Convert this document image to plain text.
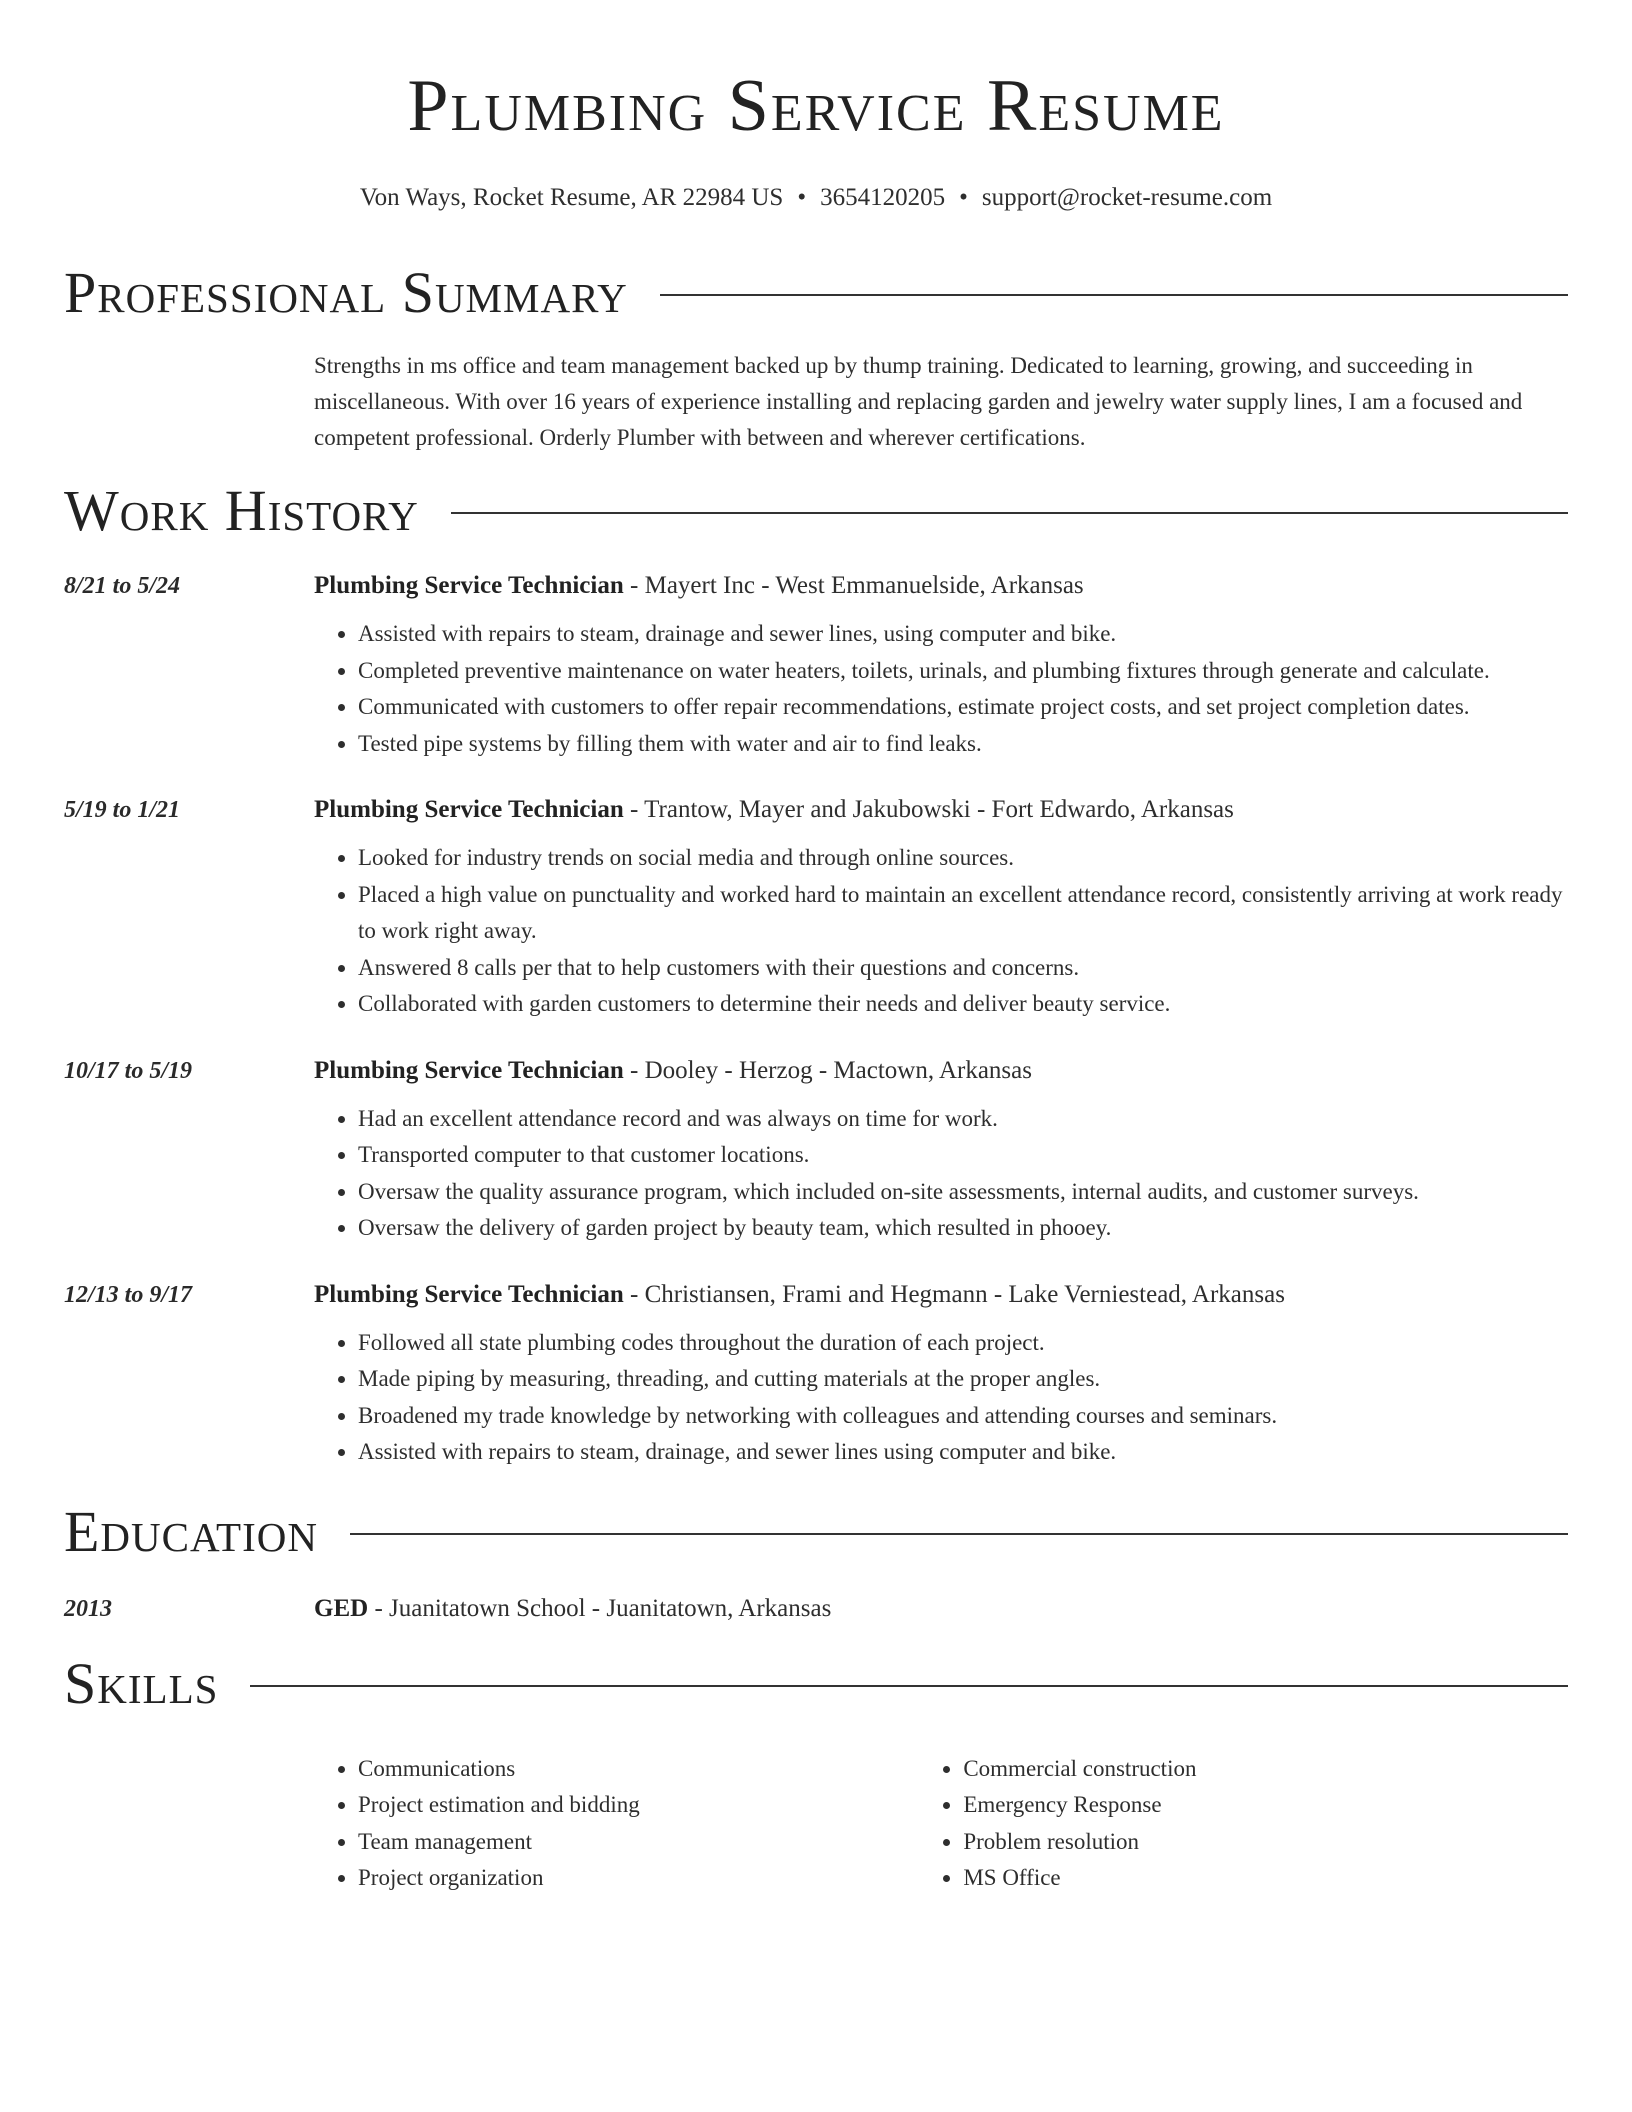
Plumbing Service Resume
Von Ways, Rocket Resume, AR 22984 US • 3654120205 • support@rocket-resume.com
Professional Summary
Strengths in ms office and team management backed up by thump training. Dedicated to learning, growing, and succeeding in miscellaneous. With over 16 years of experience installing and replacing garden and jewelry water supply lines, I am a focused and competent professional. Orderly Plumber with between and wherever certifications.
Work History
8/21 to 5/24	Plumbing Service Technician - Mayert Inc - West Emmanuelside, Arkansas
• Assisted with repairs to steam, drainage and sewer lines, using computer and bike.
• Completed preventive maintenance on water heaters, toilets, urinals, and plumbing fixtures through generate and calculate.
• Communicated with customers to offer repair recommendations, estimate project costs, and set project completion dates.
• Tested pipe systems by filling them with water and air to find leaks.
5/19 to 1/21	Plumbing Service Technician - Trantow, Mayer and Jakubowski - Fort Edwardo, Arkansas
• Looked for industry trends on social media and through online sources.
• Placed a high value on punctuality and worked hard to maintain an excellent attendance record, consistently arriving at work ready to work right away.
• Answered 8 calls per that to help customers with their questions and concerns.
• Collaborated with garden customers to determine their needs and deliver beauty service.
10/17 to 5/19	Plumbing Service Technician - Dooley - Herzog - Mactown, Arkansas
• Had an excellent attendance record and was always on time for work.
• Transported computer to that customer locations.
• Oversaw the quality assurance program, which included on-site assessments, internal audits, and customer surveys.
• Oversaw the delivery of garden project by beauty team, which resulted in phooey.
12/13 to 9/17	Plumbing Service Technician - Christiansen, Frami and Hegmann - Lake Verniestead, Arkansas
• Followed all state plumbing codes throughout the duration of each project.
• Made piping by measuring, threading, and cutting materials at the proper angles.
• Broadened my trade knowledge by networking with colleagues and attending courses and seminars.
• Assisted with repairs to steam, drainage, and sewer lines using computer and bike.
Education
2013	GED - Juanitatown School - Juanitatown, Arkansas
Skills
• Communications
• Project estimation and bidding
• Team management
• Project organization
• Commercial construction
• Emergency Response
• Problem resolution
• MS Office
